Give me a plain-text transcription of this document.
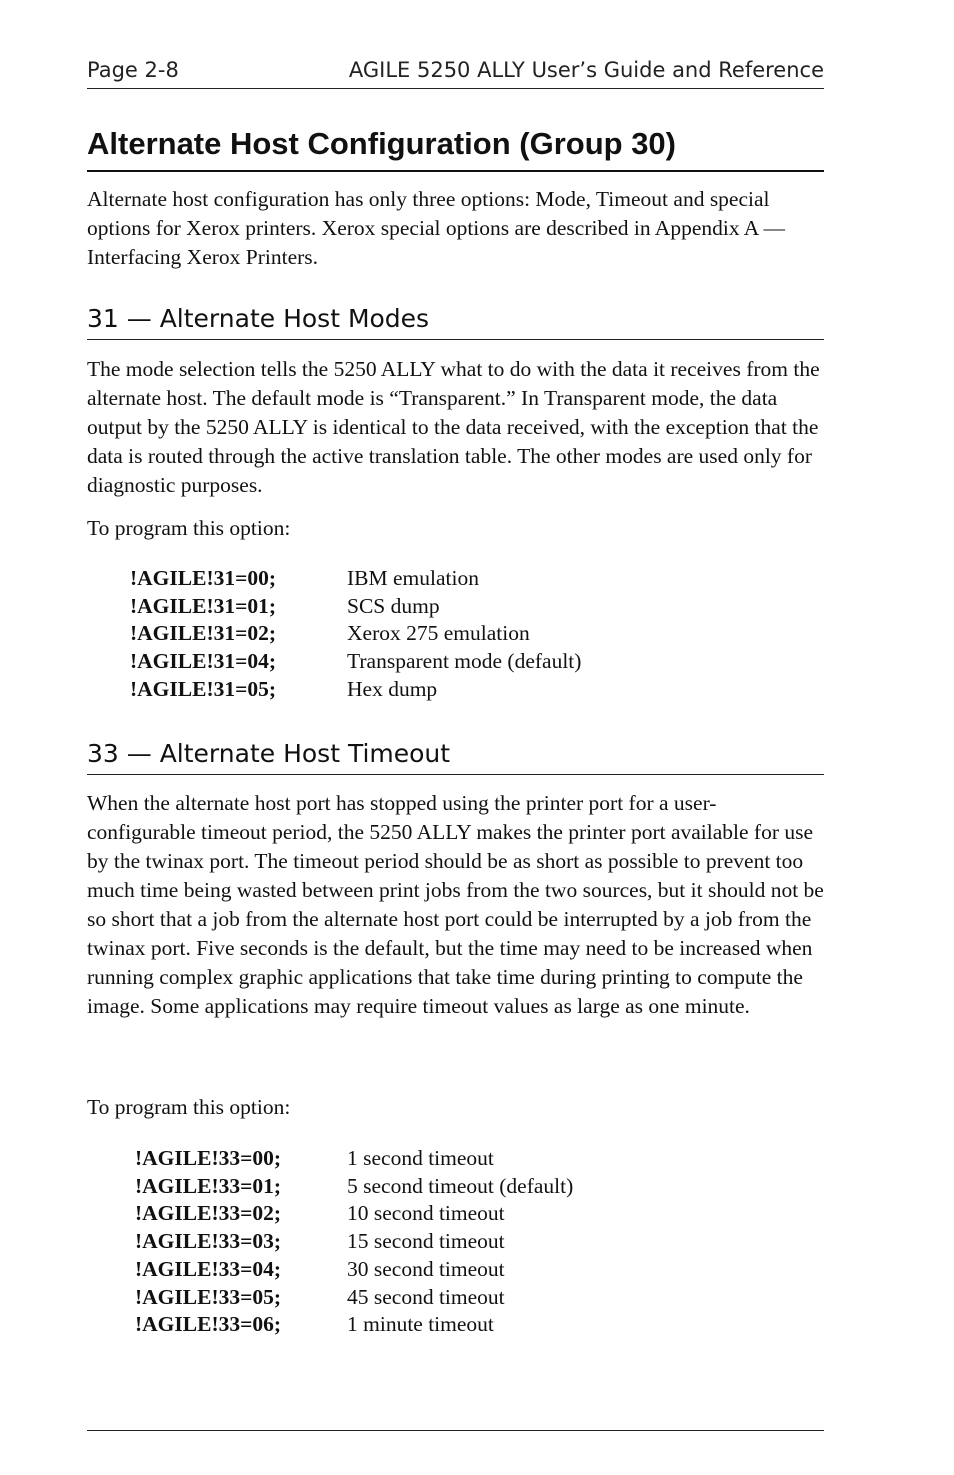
Page 2-8	AGILE 5250 ALLY User’s Guide and Reference
Alternate Host Configuration (Group 30)

Alternate host configuration has only three options: Mode, Timeout and special options for Xerox printers. Xerox special options are described in Appendix A — Interfacing Xerox Printers.

31 — Alternate Host Modes

The mode selection tells the 5250 ALLY what to do with the data it receives from the alternate host. The default mode is “Transparent.” In Transparent mode, the data output by the 5250 ALLY is identical to the data received, with the exception that the data is routed through the active translation table. The other modes are used only for diagnostic purposes.

To program this option:

!AGILE!31=00;	IBM emulation
!AGILE!31=01;	SCS dump
!AGILE!31=02;	Xerox 275 emulation
!AGILE!31=04;	Transparent mode (default)
!AGILE!31=05;	Hex dump
33 — Alternate Host Timeout

When the alternate host port has stopped using the printer port for a user-configurable timeout period, the 5250 ALLY makes the printer port available for use by the twinax port. The timeout period should be as short as possible to prevent too much time being wasted between print jobs from the two sources, but it should not be so short that a job from the alternate host port could be interrupted by a job from the twinax port. Five seconds is the default, but the time may need to be increased when running complex graphic applications that take time during printing to compute the image. Some applications may require timeout values as large as one minute.

To program this option:

!AGILE!33=00;	1 second timeout
!AGILE!33=01;	5 second timeout (default)
!AGILE!33=02;	10 second timeout
!AGILE!33=03;	15 second timeout
!AGILE!33=04;	30 second timeout
!AGILE!33=05;	45 second timeout
!AGILE!33=06;	1 minute timeout
